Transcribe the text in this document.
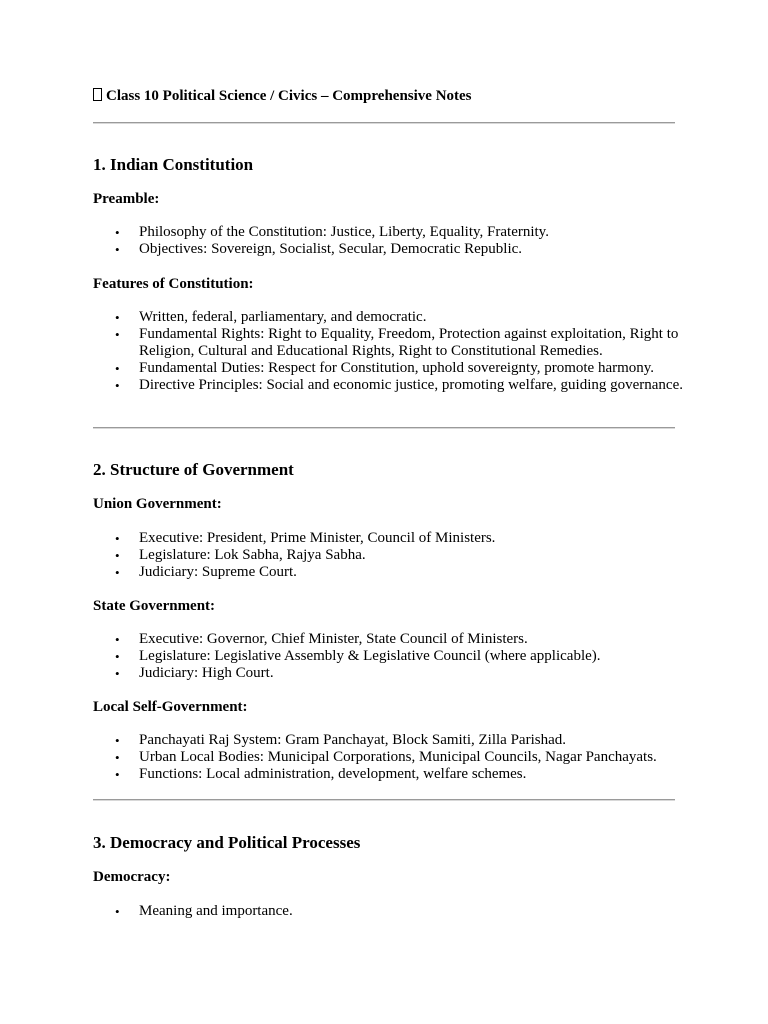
Class 10 Political Science / Civics – Comprehensive Notes
1. Indian Constitution
Preamble:
• Philosophy of the Constitution: Justice, Liberty, Equality, Fraternity.
• Objectives: Sovereign, Socialist, Secular, Democratic Republic.
Features of Constitution:
• Written, federal, parliamentary, and democratic.
• Fundamental Rights: Right to Equality, Freedom, Protection against exploitation, Right to Religion, Cultural and Educational Rights, Right to Constitutional Remedies.
• Fundamental Duties: Respect for Constitution, uphold sovereignty, promote harmony.
• Directive Principles: Social and economic justice, promoting welfare, guiding governance.
2. Structure of Government
Union Government:
• Executive: President, Prime Minister, Council of Ministers.
• Legislature: Lok Sabha, Rajya Sabha.
• Judiciary: Supreme Court.
State Government:
• Executive: Governor, Chief Minister, State Council of Ministers.
• Legislature: Legislative Assembly & Legislative Council (where applicable).
• Judiciary: High Court.
Local Self-Government:
• Panchayati Raj System: Gram Panchayat, Block Samiti, Zilla Parishad.
• Urban Local Bodies: Municipal Corporations, Municipal Councils, Nagar Panchayats.
• Functions: Local administration, development, welfare schemes.
3. Democracy and Political Processes
Democracy:
• Meaning and importance.
